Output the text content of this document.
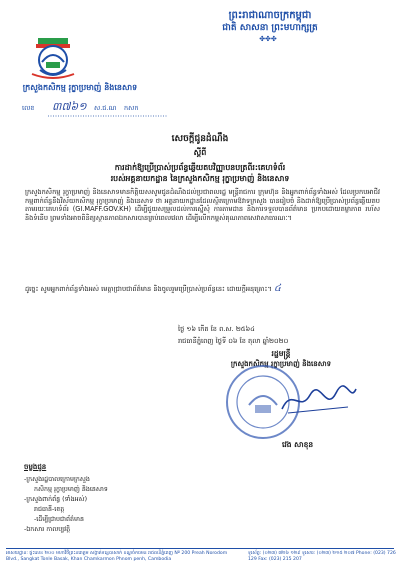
ព្រះរាជាណាចក្រកម្ពុជា
ជាតិ សាសនា ព្រះមហាក្សត្រ
✤✤✤
ក្រសួងកសិកម្ម រុក្ខាប្រមាញ់ និងនេសាទ
លេខ ៣៧៦១ ស.ជ.ណ កសក
សេចក្ដីជូនដំណឹង
ស្ដីពី
ការដាក់ឱ្យប្រើប្រាស់ប្រព័ន្ធឆ្លើយតបវិញ្ញាបនបត្រពីរ:គេហទំព័រ
របស់អគ្គនាយកដ្ឋាន នៃក្រសួងកសិកម្ម រុក្ខាប្រមាញ់ និងនេសាទ
ក្រសួងកសិកម្ម រុក្ខាប្រមាញ់ និងនេសាទ​មានកិត្តិយសសូមជូនដំណឹងដល់ប្រជាពលរដ្ឋ មន្ត្រីរាជការ ក្រុមហ៊ុន និងអ្នកពាក់ព័ន្ធទាំងអស់ ដែលប្រកបអាជីវកម្មពាក់ព័ន្ធនឹងវិស័យកសិកម្ម រុក្ខាប្រមាញ់ និងនេសាទ ថា អគ្គនាយកដ្ឋានដែលស្ថិតក្រោមឱវាទក្រសួង បានរៀបចំ និងដាក់ឱ្យប្រើប្រាស់ប្រព័ន្ធឆ្លើយតបតាមរយៈគេហទំព័រ (GI.MAFF.GOV.KH) ដើម្បីជួយសម្រួលដល់ការស្នើសុំ ការតាមដាន និងការទទួលបានព័ត៌មាន ប្រកបដោយតម្លាភាព រហ័ស និងទំនើប ព្រមទាំងអាចពិនិត្យស្ថានភាពឯកសារបានគ្រប់ពេលវេលា ដើម្បីលើកកម្ពស់គុណភាពសេវាសាធារណៈ។
ដូច្នេះ សូមអ្នកពាក់ព័ន្ធទាំងអស់ មេត្តាជ្រាបជាព័ត៌មាន និងចូលរួមប្រើប្រាស់ប្រព័ន្ធនេះ ដោយក្ដីអនុគ្រោះ។ ៤
ថ្ងៃ ១៦ កើត ខែ ព.ស. ២៥៦៤
រាជធានីភ្នំពេញ ថ្ងៃទី ០៦ ខែ តុលា ឆ្នាំ២០២០
រដ្ឋមន្ត្រី
ក្រសួងកសិកម្ម រុក្ខាប្រមាញ់ និងនេសាទ
វេង សាខុន
ចម្លងជូន
-ក្រសួងរដ្ឋបាលក្រោមក្រសួង
កសិកម្ម រុក្ខាប្រមាញ់ និងនេសាទ
-ក្រសួងពាក់ព័ន្ធ (ទាំងអស់)
រាជធានី-ខេត្ត
-ដើម្បីជ្រាបជាព័ត៌មាន
-ឯកសារ កាលប្បវត្តិ
អាសយដ្ឋាន: ផ្ទះលេខ ២០០ មហាវិថីព្រះនរោត្តម សង្កាត់ទន្លេបាសាក់ ខណ្ឌចំការមន រាជធានីភ្នំពេញ Nº 200 Preah Norodom Blvd., Sangkat Tonle Basak, Khan Chamkarmon Phnom penh, Cambodia
ទូរស័ព្ទ: (០២៣) ៧២៦ ១២៩ ទូរសារ: (០២៣) ២១៥ ២០៧ Phone: (023) 726 129 Fax: (023) 215 207
